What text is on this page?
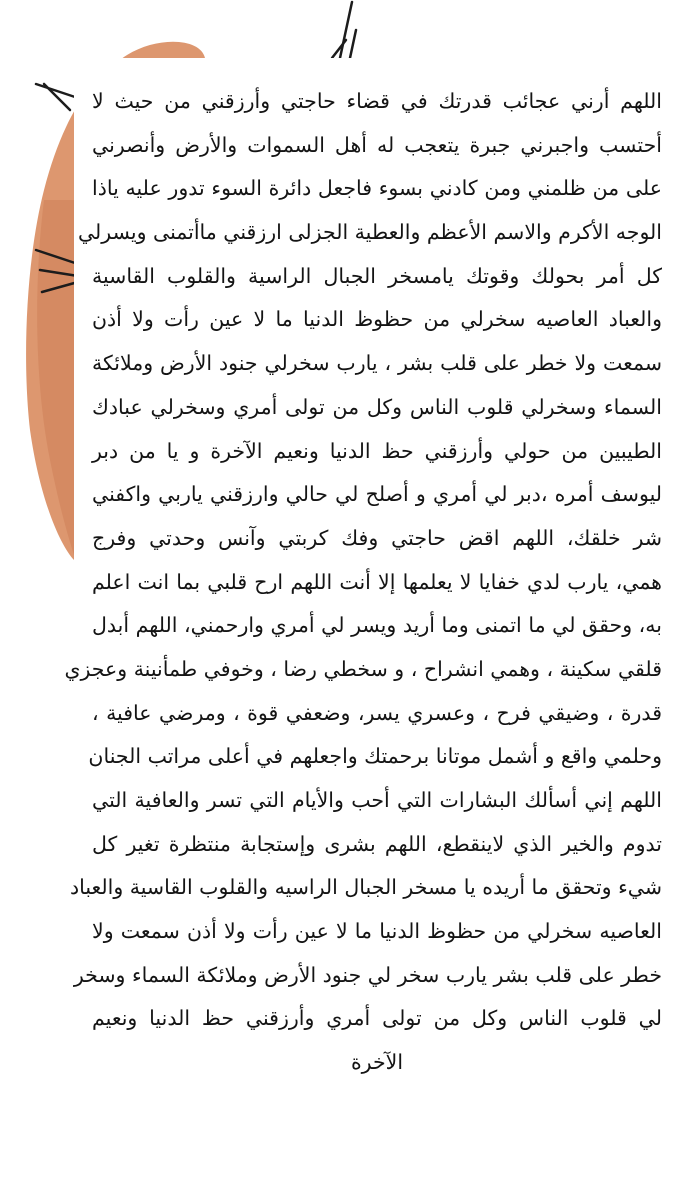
اللهم أرني عجائب قدرتك في قضاء حاجتي وأرزقني من حيث لا
أحتسب واجبرني جبرة يتعجب له أهل السموات والأرض وأنصرني
على من ظلمني ومن كادني بسوء فاجعل دائرة السوء تدور عليه ياذا
الوجه الأكرم والاسم الأعظم والعطية الجزلى ارزقني ماأتمنى ويسرلي
كل أمر بحولك وقوتك يامسخر الجبال الراسية والقلوب القاسية
والعباد العاصيه سخرلي من حظوظ الدنيا ما لا عين رأت ولا أذن
سمعت ولا خطر على قلب بشر ، يارب سخرلي جنود الأرض وملائكة
السماء وسخرلي قلوب الناس وكل من تولى أمري وسخرلي عبادك
الطيبين من حولي وأرزقني حظ الدنيا ونعيم الآخرة و يا من دبر
ليوسف أمره ،دبر لي أمري و أصلح لي حالي وارزقني ياربي واكفني
شر خلقك، اللهم اقض حاجتي وفك كربتي وآنس وحدتي وفرج
همي، يارب لدي خفايا لا يعلمها إلا أنت اللهم ارح قلبي بما انت اعلم
به، وحقق لي ما اتمنى وما أريد ويسر لي أمري وارحمني، اللهم أبدل
قلقي سكينة ، وهمي انشراح ، و سخطي رضا ، وخوفي طمأنينة وعجزي
قدرة ، وضيقي فرح ، وعسري يسر، وضعفي قوة ، ومرضي عافية ،
وحلمي واقع و أشمل موتانا برحمتك واجعلهم في أعلى مراتب الجنان
اللهم إني أسألك البشارات التي أحب والأيام التي تسر والعافية التي
تدوم والخير الذي لاينقطع، اللهم بشرى وإستجابة منتظرة تغير كل
شيء وتحقق ما أريده يا مسخر الجبال الراسيه والقلوب القاسية والعباد
العاصيه سخرلي من حظوظ الدنيا ما لا عين رأت ولا أذن سمعت ولا
خطر على قلب بشر يارب سخر لي جنود الأرض وملائكة السماء وسخر
لي قلوب الناس وكل من تولى أمري وأرزقني حظ الدنيا ونعيم
الآخرة
